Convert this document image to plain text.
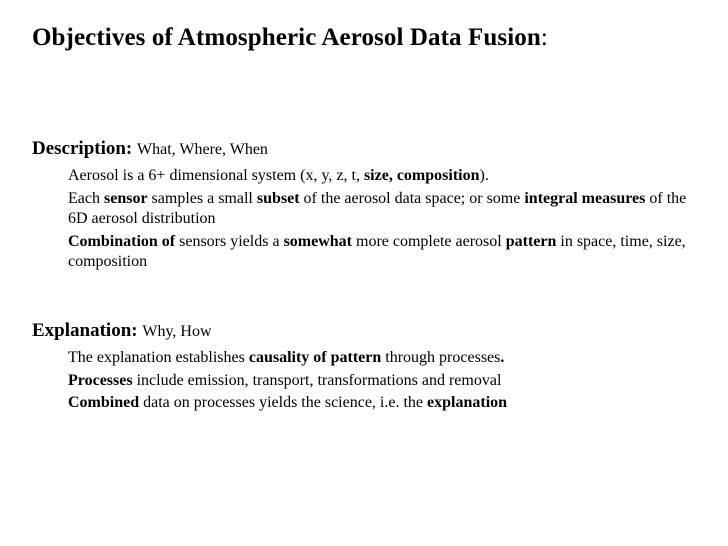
Objectives of Atmospheric Aerosol Data Fusion:
Description: What, Where, When
Aerosol is a 6+ dimensional system (x, y, z, t, size, composition).
Each sensor samples a small subset of the aerosol data space; or some integral measures of the 6D aerosol distribution
Combination of sensors yields a somewhat more complete aerosol pattern in space, time, size, composition
Explanation: Why, How
The explanation establishes causality of pattern through processes.
Processes include emission, transport, transformations and removal
Combined data on processes yields the science, i.e. the explanation
